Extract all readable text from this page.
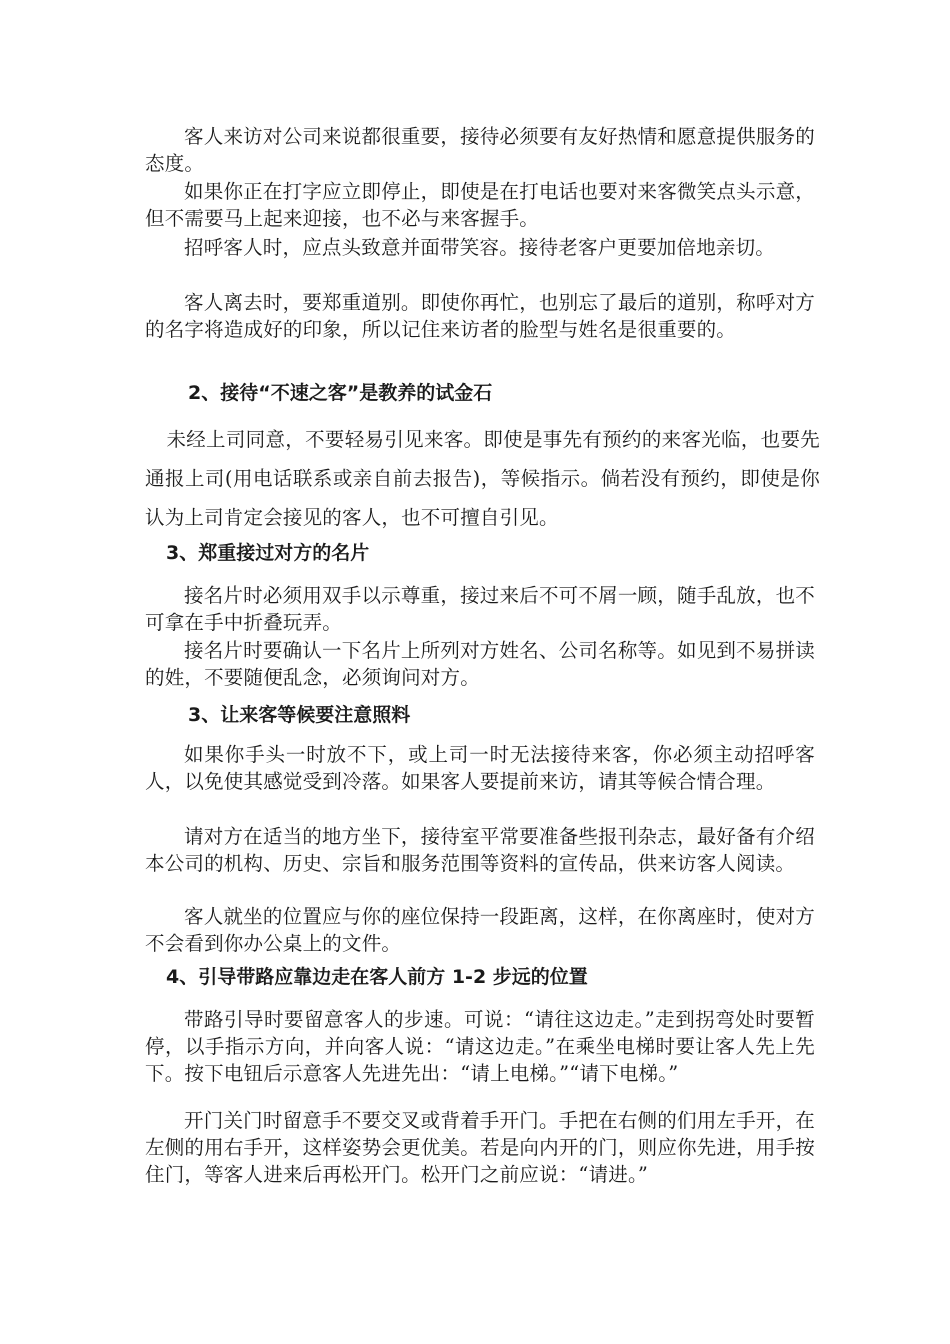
客人来访对公司来说都很重要，接待必须要有友好热情和愿意提供服务的态度。

如果你正在打字应立即停止，即使是在打电话也要对来客微笑点头示意，但不需要马上起来迎接，也不必与来客握手。

招呼客人时，应点头致意并面带笑容。接待老客户更要加倍地亲切。

客人离去时，要郑重道别。即使你再忙，也别忘了最后的道别，称呼对方的名字将造成好的印象，所以记住来访者的脸型与姓名是很重要的。

2、接待“不速之客”是教养的试金石

未经上司同意，不要轻易引见来客。即使是事先有预约的来客光临，也要先通报上司(用电话联系或亲自前去报告)，等候指示。倘若没有预约，即使是你认为上司肯定会接见的客人，也不可擅自引见。

3、郑重接过对方的名片

接名片时必须用双手以示尊重，接过来后不可不屑一顾，随手乱放，也不可拿在手中折叠玩弄。

接名片时要确认一下名片上所列对方姓名、公司名称等。如见到不易拼读的姓，不要随便乱念，必须询问对方。

3、让来客等候要注意照料

如果你手头一时放不下，或上司一时无法接待来客，你必须主动招呼客人，以免使其感觉受到冷落。如果客人要提前来访，请其等候合情合理。

请对方在适当的地方坐下，接待室平常要准备些报刊杂志，最好备有介绍本公司的机构、历史、宗旨和服务范围等资料的宣传品，供来访客人阅读。

客人就坐的位置应与你的座位保持一段距离，这样，在你离座时，使对方不会看到你办公桌上的文件。

4、引导带路应靠边走在客人前方 1-2 步远的位置

带路引导时要留意客人的步速。可说：“请往这边走。”走到拐弯处时要暂停，以手指示方向，并向客人说：“请这边走。”在乘坐电梯时要让客人先上先下。按下电钮后示意客人先进先出：“请上电梯。”“请下电梯。”

开门关门时留意手不要交叉或背着手开门。手把在右侧的们用左手开，在左侧的用右手开，这样姿势会更优美。若是向内开的门，则应你先进，用手按住门，等客人进来后再松开门。松开门之前应说：“请进。”
